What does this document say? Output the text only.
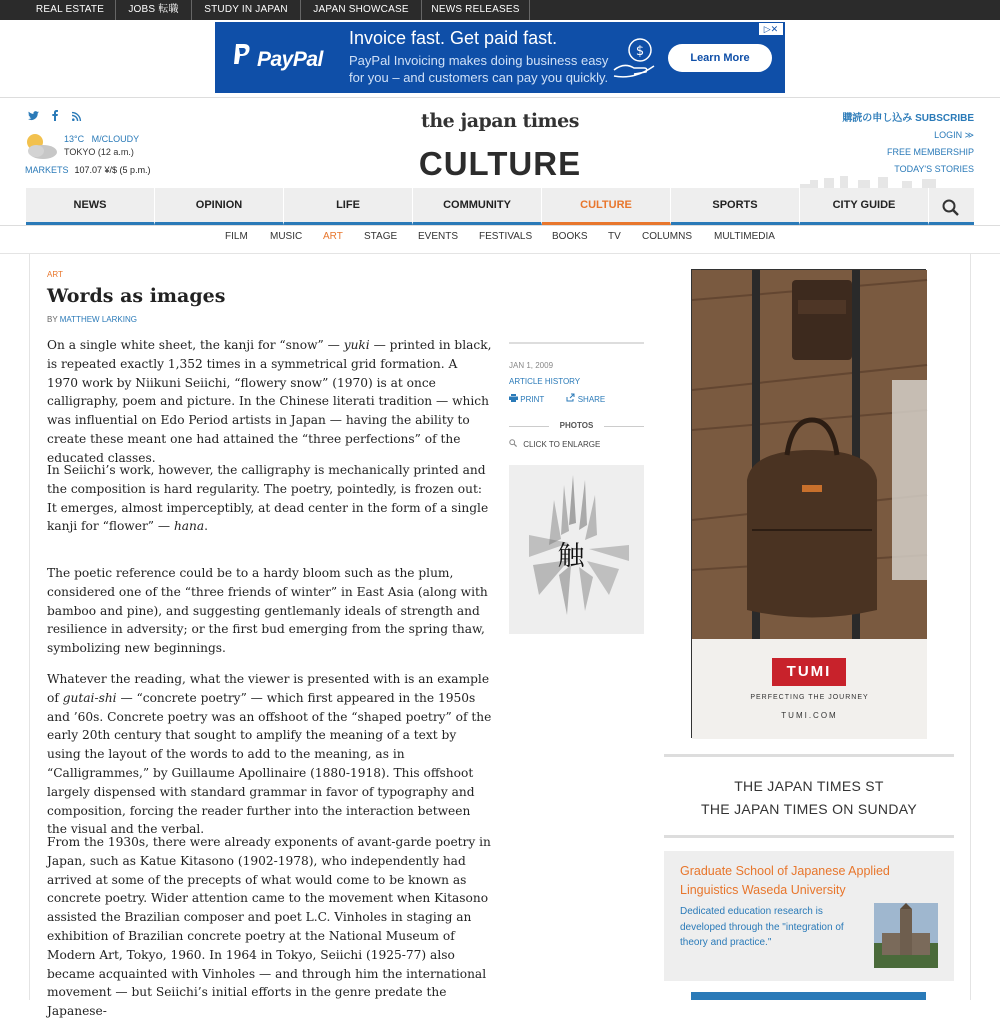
REAL ESTATE	JOBS 転職	STUDY IN JAPAN	JAPAN SHOWCASE	NEWS RELEASES
PayPal
Invoice fast. Get paid fast.
PayPal Invoicing makes doing business easy
for you – and customers can pay you quickly.
$	Learn More
▷✕

13°C M/CLOUDY
TOKYO (12 a.m.)
MARKETS 107.07 ¥/$ (5 p.m.)
the japan times
CULTURE
購読の申し込み SUBSCRIBE
LOGIN ≫
FREE MEMBERSHIP
TODAY'S STORIES
NEWS	OPINION	LIFE	COMMUNITY	CULTURE	SPORTS	CITY GUIDE
FILM MUSIC ART STAGE EVENTS FESTIVALS BOOKS TV COLUMNS MULTIMEDIA
ART
Words as images
BY MATTHEW LARKING
On a single white sheet, the kanji for “snow” — yuki — printed in black, is repeated exactly 1,352 times in a symmetrical grid formation. A 1970 work by Niikuni Seiichi, “flowery snow” (1970) is at once calligraphy, poem and picture. In the Chinese literati tradition — which was influential on Edo Period artists in Japan — having the ability to create these meant one had attained the “three perfections” of the educated classes.
In Seiichi’s work, however, the calligraphy is mechanically printed and the composition is hard regularity. The poetry, pointedly, is frozen out: It emerges, almost imperceptibly, at dead center in the form of a single kanji for “flower” — hana.
The poetic reference could be to a hardy bloom such as the plum, considered one of the “three friends of winter” in East Asia (along with bamboo and pine), and suggesting gentlemanly ideals of strength and resilience in adversity; or the first bud emerging from the spring thaw, symbolizing new beginnings.
Whatever the reading, what the viewer is presented with is an example of gutai-shi — “concrete poetry” — which first appeared in the 1950s and ’60s. Concrete poetry was an offshoot of the “shaped poetry” of the early 20th century that sought to amplify the meaning of a text by using the layout of the words to add to the meaning, as in “Calligrammes,” by Guillaume Apollinaire (1880-1918). This offshoot largely dispensed with standard grammar in favor of typography and composition, forcing the reader further into the interaction between the visual and the verbal.
From the 1930s, there were already exponents of avant-garde poetry in Japan, such as Katue Kitasono (1902-1978), who independently had arrived at some of the precepts of what would come to be known as concrete poetry. Wider attention came to the movement when Kitasono assisted the Brazilian composer and poet L.C. Vinholes in staging an exhibition of Brazilian concrete poetry at the National Museum of Modern Art, Tokyo, 1960. In 1964 in Tokyo, Seiichi (1925-77) also became acquainted with Vinholes — and through him the international movement — but Seiichi’s initial efforts in the genre predate the Japanese-
JAN 1, 2009
ARTICLE HISTORY
PRINT	SHARE
PHOTOS
CLICK TO ENLARGE
触
TUMI
PERFECTING THE JOURNEY
TUMI.COM
THE JAPAN TIMES ST
THE JAPAN TIMES ON SUNDAY
Graduate School of Japanese Applied Linguistics Waseda University
Dedicated education research is developed through the "integration of theory and practice."
